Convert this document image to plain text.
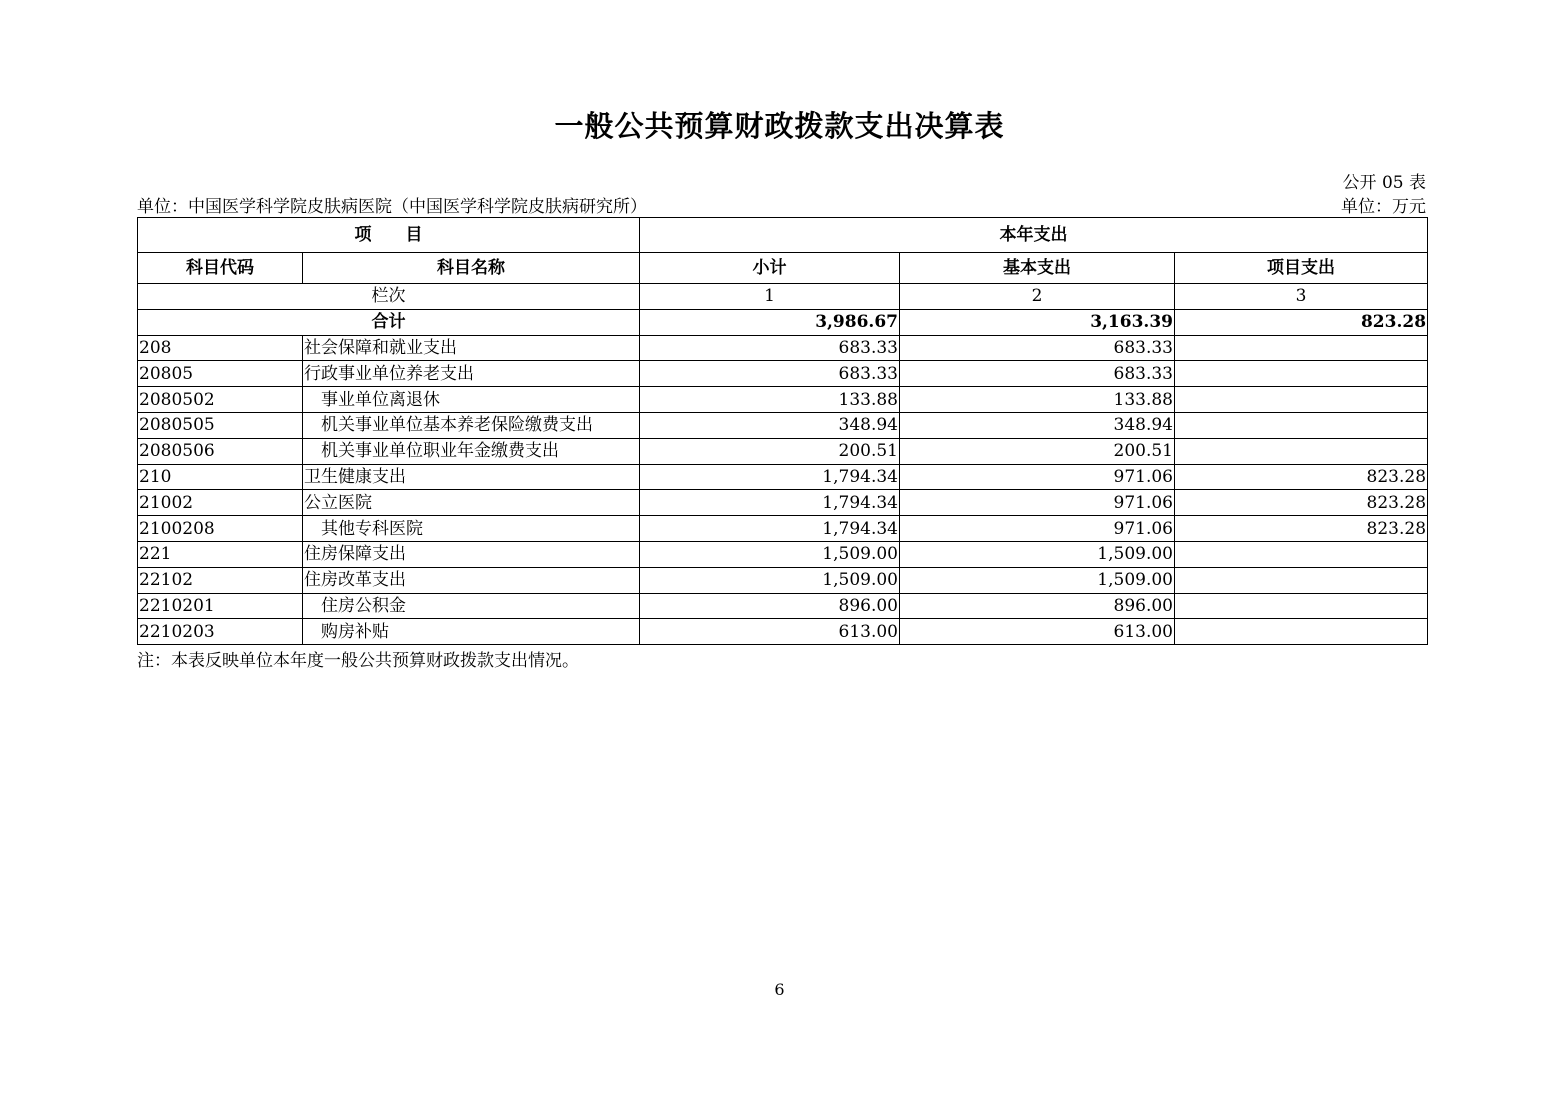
一般公共预算财政拨款支出决算表
公开 05 表
单位：中国医学科学院皮肤病医院（中国医学科学院皮肤病研究所）	单位：万元
项　　目		本年支出		
科目代码	科目名称	小计	基本支出	项目支出
栏次		1	2	3
合计		3,986.67	3,163.39	823.28
208	社会保障和就业支出	683.33	683.33	
20805	行政事业单位养老支出	683.33	683.33	
2080502	事业单位离退休	133.88	133.88	
2080505	机关事业单位基本养老保险缴费支出	348.94	348.94	
2080506	机关事业单位职业年金缴费支出	200.51	200.51	
210	卫生健康支出	1,794.34	971.06	823.28
21002	公立医院	1,794.34	971.06	823.28
2100208	其他专科医院	1,794.34	971.06	823.28
221	住房保障支出	1,509.00	1,509.00	
22102	住房改革支出	1,509.00	1,509.00	
2210201	住房公积金	896.00	896.00	
2210203	购房补贴	613.00	613.00	
注：本表反映单位本年度一般公共预算财政拨款支出情况。
6
